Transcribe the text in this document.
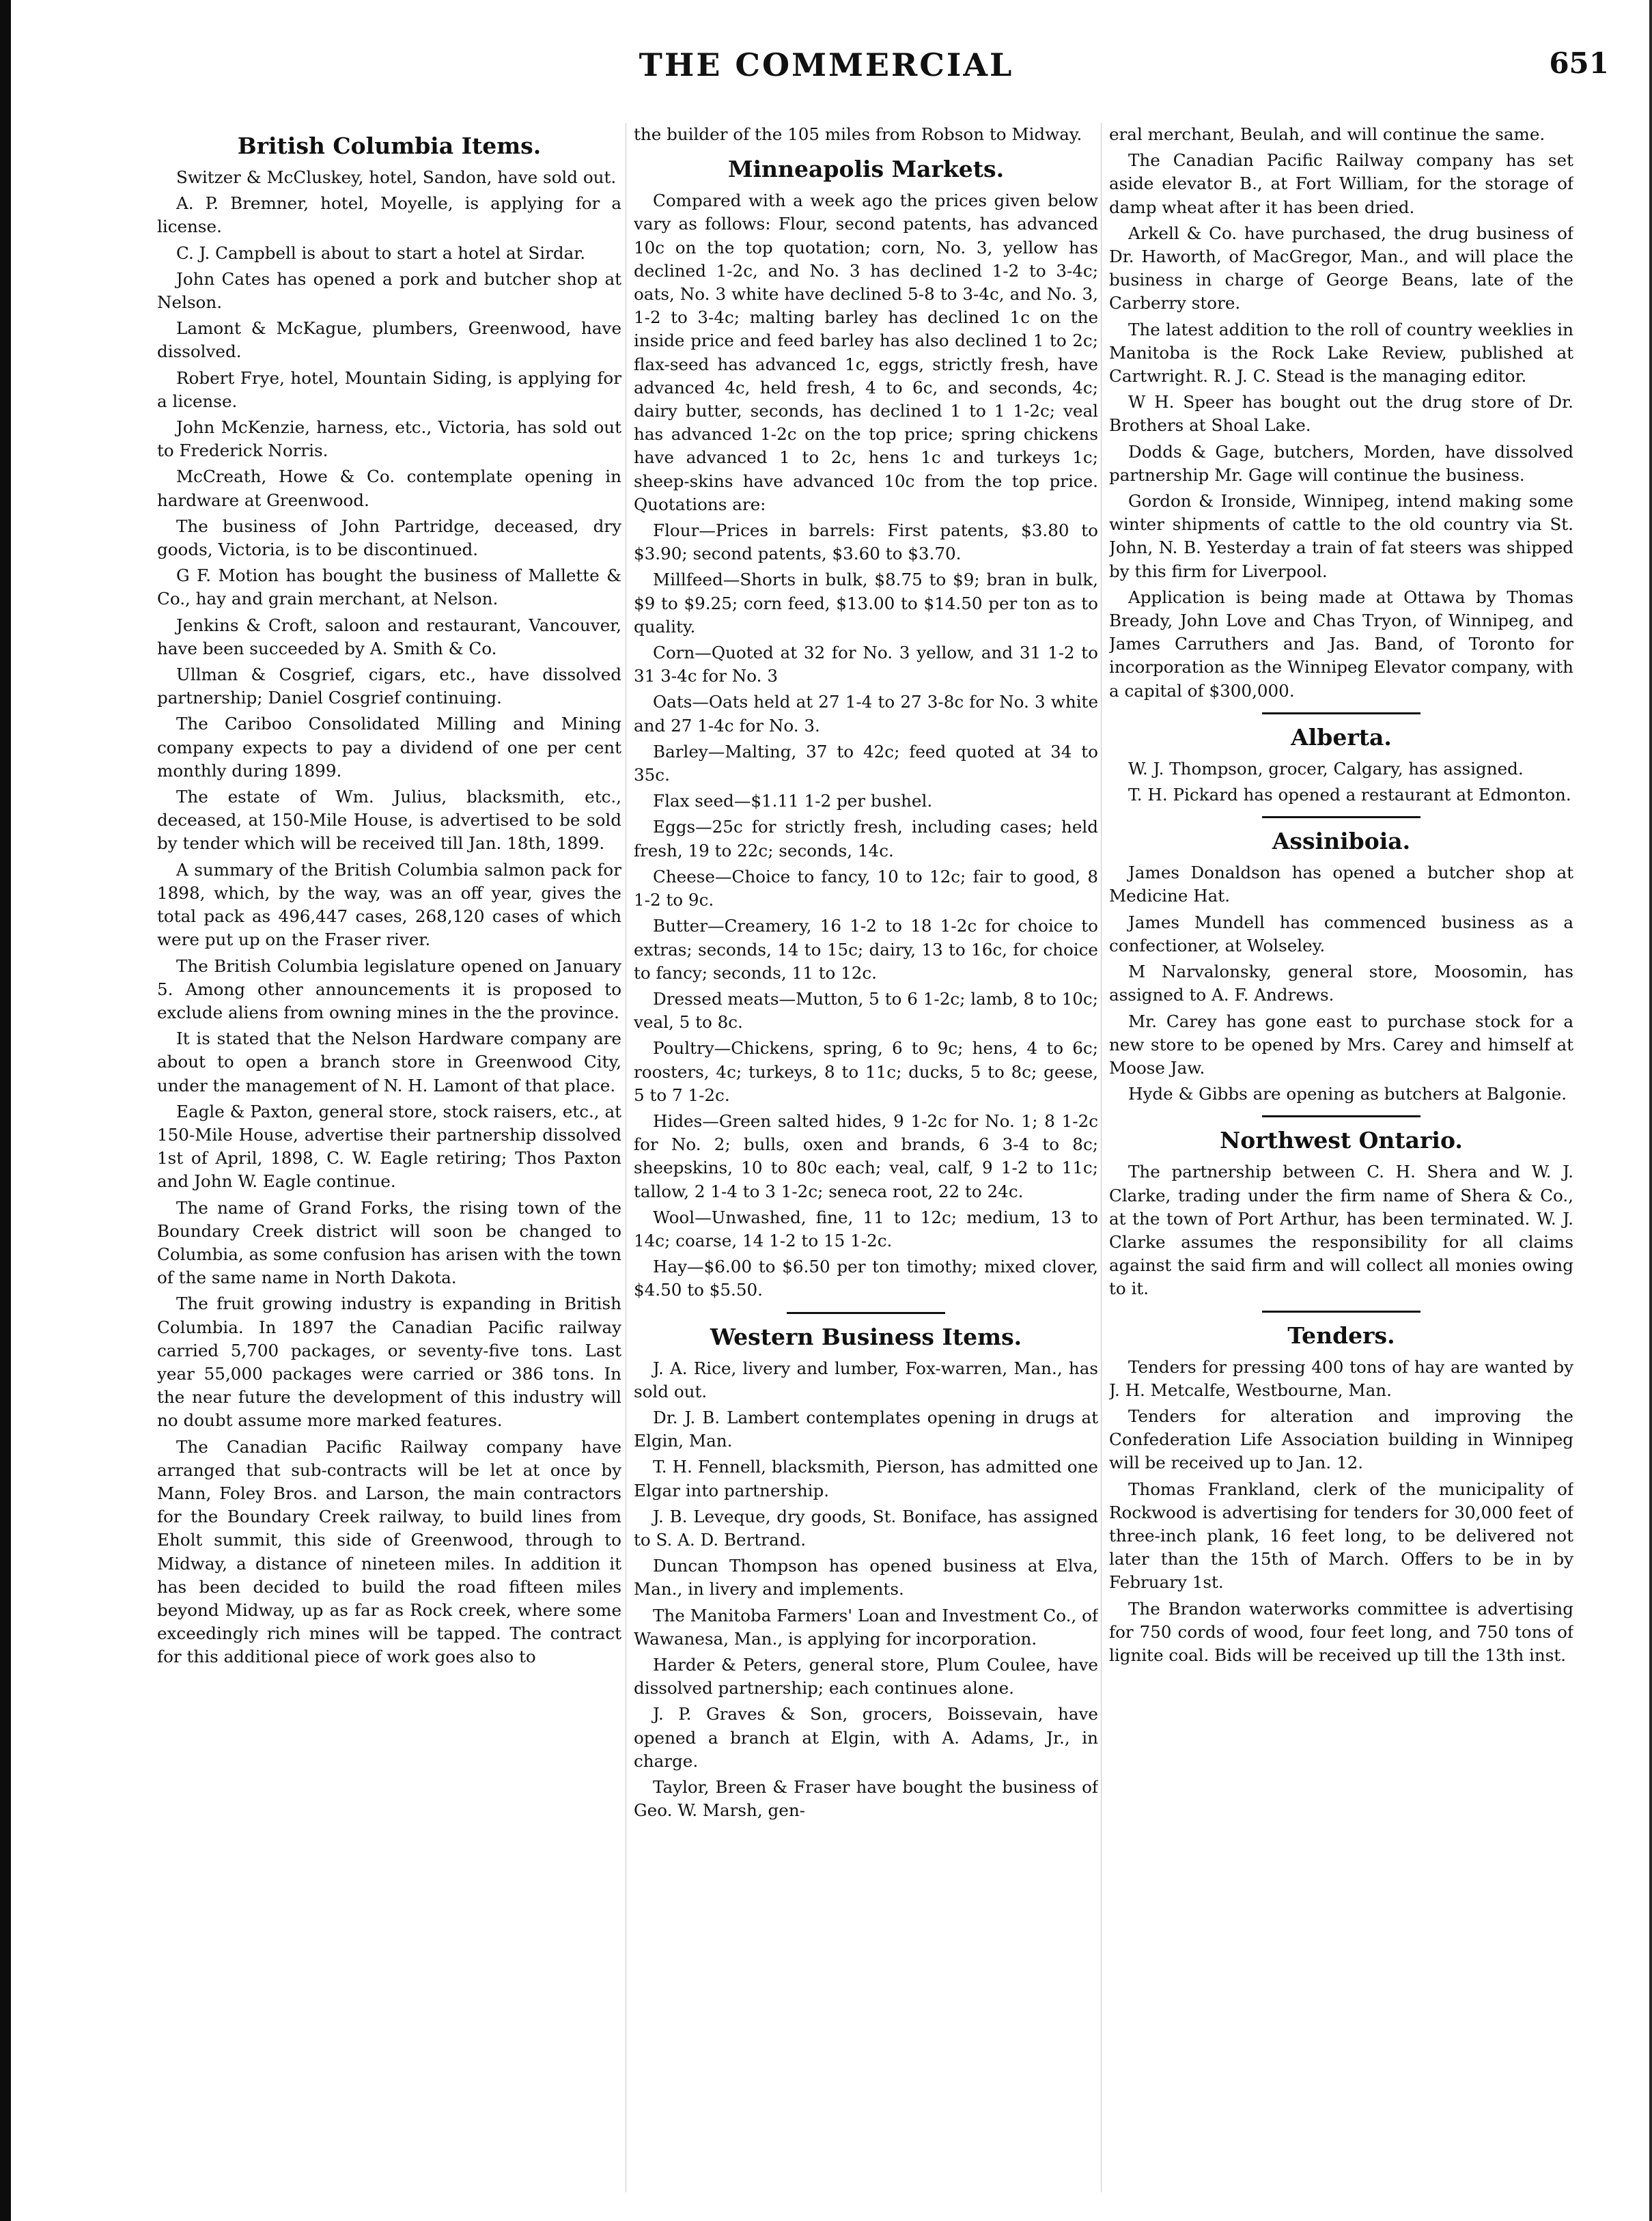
THE COMMERCIAL	651
British Columbia Items.

Switzer & McCluskey, hotel, Sandon, have sold out.

A. P. Bremner, hotel, Moyelle, is applying for a license.

C. J. Campbell is about to start a hotel at Sirdar.

John Cates has opened a pork and butcher shop at Nelson.

Lamont & McKague, plumbers, Greenwood, have dissolved.

Robert Frye, hotel, Mountain Siding, is applying for a license.

John McKenzie, harness, etc., Victoria, has sold out to Frederick Norris.

McCreath, Howe & Co. contemplate opening in hardware at Greenwood.

The business of John Partridge, deceased, dry goods, Victoria, is to be discontinued.

G F. Motion has bought the business of Mallette & Co., hay and grain merchant, at Nelson.

Jenkins & Croft, saloon and restaurant, Vancouver, have been succeeded by A. Smith & Co.

Ullman & Cosgrief, cigars, etc., have dissolved partnership; Daniel Cosgrief continuing.

The Cariboo Consolidated Milling and Mining company expects to pay a dividend of one per cent monthly during 1899.

The estate of Wm. Julius, blacksmith, etc., deceased, at 150-Mile House, is advertised to be sold by tender which will be received till Jan. 18th, 1899.

A summary of the British Columbia salmon pack for 1898, which, by the way, was an off year, gives the total pack as 496,447 cases, 268,120 cases of which were put up on the Fraser river.

The British Columbia legislature opened on January 5. Among other announcements it is proposed to exclude aliens from owning mines in the the province.

It is stated that the Nelson Hardware company are about to open a branch store in Greenwood City, under the management of N. H. Lamont of that place.

Eagle & Paxton, general store, stock raisers, etc., at 150-Mile House, advertise their partnership dissolved 1st of April, 1898, C. W. Eagle retiring; Thos Paxton and John W. Eagle continue.

The name of Grand Forks, the rising town of the Boundary Creek district will soon be changed to Columbia, as some confusion has arisen with the town of the same name in North Dakota.

The fruit growing industry is expanding in British Columbia. In 1897 the Canadian Pacific railway carried 5,700 packages, or seventy-five tons. Last year 55,000 packages were carried or 386 tons. In the near future the development of this industry will no doubt assume more marked features.

The Canadian Pacific Railway company have arranged that sub-contracts will be let at once by Mann, Foley Bros. and Larson, the main contractors for the Boundary Creek railway, to build lines from Eholt summit, this side of Greenwood, through to Midway, a distance of nineteen miles. In addition it has been decided to build the road fifteen miles beyond Midway, up as far as Rock creek, where some exceedingly rich mines will be tapped. The contract for this additional piece of work goes also to

the builder of the 105 miles from Robson to Midway.

Minneapolis Markets.

Compared with a week ago the prices given below vary as follows: Flour, second patents, has advanced 10c on the top quotation; corn, No. 3, yellow has declined 1-2c, and No. 3 has declined 1-2 to 3-4c; oats, No. 3 white have declined 5-8 to 3-4c, and No. 3, 1-2 to 3-4c; malting barley has declined 1c on the inside price and feed barley has also declined 1 to 2c; flax-seed has advanced 1c, eggs, strictly fresh, have advanced 4c, held fresh, 4 to 6c, and seconds, 4c; dairy butter, seconds, has declined 1 to 1 1-2c; veal has advanced 1-2c on the top price; spring chickens have advanced 1 to 2c, hens 1c and turkeys 1c; sheep-skins have advanced 10c from the top price. Quotations are:

Flour—Prices in barrels: First patents, $3.80 to $3.90; second patents, $3.60 to $3.70.

Millfeed—Shorts in bulk, $8.75 to $9; bran in bulk, $9 to $9.25; corn feed, $13.00 to $14.50 per ton as to quality.

Corn—Quoted at 32 for No. 3 yellow, and 31 1-2 to 31 3-4c for No. 3

Oats—Oats held at 27 1-4 to 27 3-8c for No. 3 white and 27 1-4c for No. 3.

Barley—Malting, 37 to 42c; feed quoted at 34 to 35c.

Flax seed—$1.11 1-2 per bushel.

Eggs—25c for strictly fresh, including cases; held fresh, 19 to 22c; seconds, 14c.

Cheese—Choice to fancy, 10 to 12c; fair to good, 8 1-2 to 9c.

Butter—Creamery, 16 1-2 to 18 1-2c for choice to extras; seconds, 14 to 15c; dairy, 13 to 16c, for choice to fancy; seconds, 11 to 12c.

Dressed meats—Mutton, 5 to 6 1-2c; lamb, 8 to 10c; veal, 5 to 8c.

Poultry—Chickens, spring, 6 to 9c; hens, 4 to 6c; roosters, 4c; turkeys, 8 to 11c; ducks, 5 to 8c; geese, 5 to 7 1-2c.

Hides—Green salted hides, 9 1-2c for No. 1; 8 1-2c for No. 2; bulls, oxen and brands, 6 3-4 to 8c; sheepskins, 10 to 80c each; veal, calf, 9 1-2 to 11c; tallow, 2 1-4 to 3 1-2c; seneca root, 22 to 24c.

Wool—Unwashed, fine, 11 to 12c; medium, 13 to 14c; coarse, 14 1-2 to 15 1-2c.

Hay—$6.00 to $6.50 per ton timothy; mixed clover, $4.50 to $5.50.

Western Business Items.

J. A. Rice, livery and lumber, Fox-warren, Man., has sold out.

Dr. J. B. Lambert contemplates opening in drugs at Elgin, Man.

T. H. Fennell, blacksmith, Pierson, has admitted one Elgar into partnership.

J. B. Leveque, dry goods, St. Boniface, has assigned to S. A. D. Bertrand.

Duncan Thompson has opened business at Elva, Man., in livery and implements.

The Manitoba Farmers' Loan and Investment Co., of Wawanesa, Man., is applying for incorporation.

Harder & Peters, general store, Plum Coulee, have dissolved partnership; each continues alone.

J. P. Graves & Son, grocers, Boissevain, have opened a branch at Elgin, with A. Adams, Jr., in charge.

Taylor, Breen & Fraser have bought the business of Geo. W. Marsh, gen-

eral merchant, Beulah, and will continue the same.

The Canadian Pacific Railway company has set aside elevator B., at Fort William, for the storage of damp wheat after it has been dried.

Arkell & Co. have purchased, the drug business of Dr. Haworth, of MacGregor, Man., and will place the business in charge of George Beans, late of the Carberry store.

The latest addition to the roll of country weeklies in Manitoba is the Rock Lake Review, published at Cartwright. R. J. C. Stead is the managing editor.

W H. Speer has bought out the drug store of Dr. Brothers at Shoal Lake.

Dodds & Gage, butchers, Morden, have dissolved partnership Mr. Gage will continue the business.

Gordon & Ironside, Winnipeg, intend making some winter shipments of cattle to the old country via St. John, N. B. Yesterday a train of fat steers was shipped by this firm for Liverpool.

Application is being made at Ottawa by Thomas Bready, John Love and Chas Tryon, of Winnipeg, and James Carruthers and Jas. Band, of Toronto for incorporation as the Winnipeg Elevator company, with a capital of $300,000.

Alberta.

W. J. Thompson, grocer, Calgary, has assigned.

T. H. Pickard has opened a restaurant at Edmonton.

Assiniboia.

James Donaldson has opened a butcher shop at Medicine Hat.

James Mundell has commenced business as a confectioner, at Wolseley.

M Narvalonsky, general store, Moosomin, has assigned to A. F. Andrews.

Mr. Carey has gone east to purchase stock for a new store to be opened by Mrs. Carey and himself at Moose Jaw.

Hyde & Gibbs are opening as butchers at Balgonie.

Northwest Ontario.

The partnership between C. H. Shera and W. J. Clarke, trading under the firm name of Shera & Co., at the town of Port Arthur, has been terminated. W. J. Clarke assumes the responsibility for all claims against the said firm and will collect all monies owing to it.

Tenders.

Tenders for pressing 400 tons of hay are wanted by J. H. Metcalfe, Westbourne, Man.

Tenders for alteration and improving the Confederation Life Association building in Winnipeg will be received up to Jan. 12.

Thomas Frankland, clerk of the municipality of Rockwood is advertising for tenders for 30,000 feet of three-inch plank, 16 feet long, to be delivered not later than the 15th of March. Offers to be in by February 1st.

The Brandon waterworks committee is advertising for 750 cords of wood, four feet long, and 750 tons of lignite coal. Bids will be received up till the 13th inst.
